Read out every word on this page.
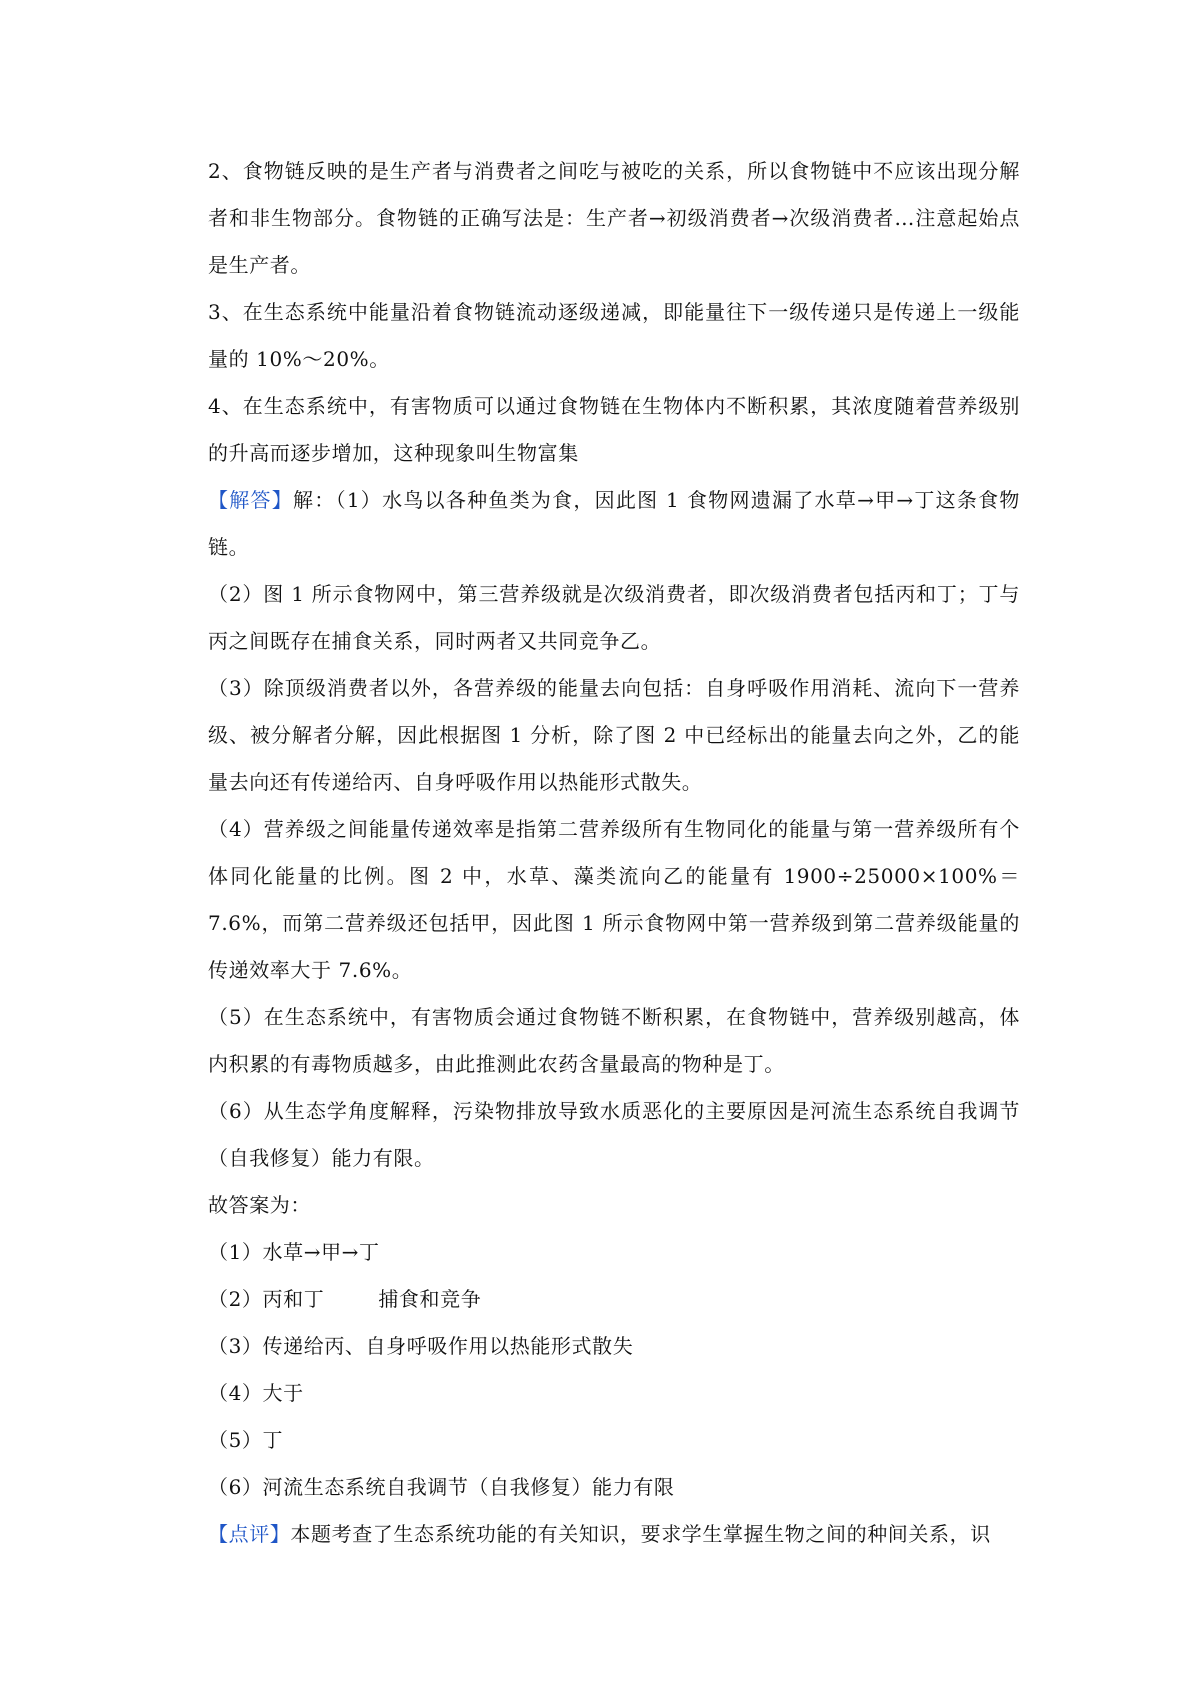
2、食物链反映的是生产者与消费者之间吃与被吃的关系，所以食物链中不应该出现分解者和非生物部分。食物链的正确写法是：生产者→初级消费者→次级消费者…注意起始点是生产者。

3、在生态系统中能量沿着食物链流动逐级递减，即能量往下一级传递只是传递上一级能量的 10%～20%。

4、在生态系统中，有害物质可以通过食物链在生物体内不断积累，其浓度随着营养级别的升高而逐步增加，这种现象叫生物富集

【解答】解：（1）水鸟以各种鱼类为食，因此图 1 食物网遗漏了水草→甲→丁这条食物链。

（2）图 1 所示食物网中，第三营养级就是次级消费者，即次级消费者包括丙和丁；丁与丙之间既存在捕食关系，同时两者又共同竞争乙。

（3）除顶级消费者以外，各营养级的能量去向包括：自身呼吸作用消耗、流向下一营养级、被分解者分解，因此根据图 1 分析，除了图 2 中已经标出的能量去向之外，乙的能量去向还有传递给丙、自身呼吸作用以热能形式散失。

（4）营养级之间能量传递效率是指第二营养级所有生物同化的能量与第一营养级所有个体同化能量的比例。图 2 中，水草、藻类流向乙的能量有 1900÷25000×100%＝7.6%，而第二营养级还包括甲，因此图 1 所示食物网中第一营养级到第二营养级能量的传递效率大于 7.6%。

（5）在生态系统中，有害物质会通过食物链不断积累，在食物链中，营养级别越高，体内积累的有毒物质越多，由此推测此农药含量最高的物种是丁。

（6）从生态学角度解释，污染物排放导致水质恶化的主要原因是河流生态系统自我调节（自我修复）能力有限。

故答案为：

（1）水草→甲→丁

（2）丙和丁	捕食和竞争

（3）传递给丙、自身呼吸作用以热能形式散失

（4）大于

（5）丁

（6）河流生态系统自我调节（自我修复）能力有限

【点评】本题考查了生态系统功能的有关知识，要求学生掌握生物之间的种间关系，识
